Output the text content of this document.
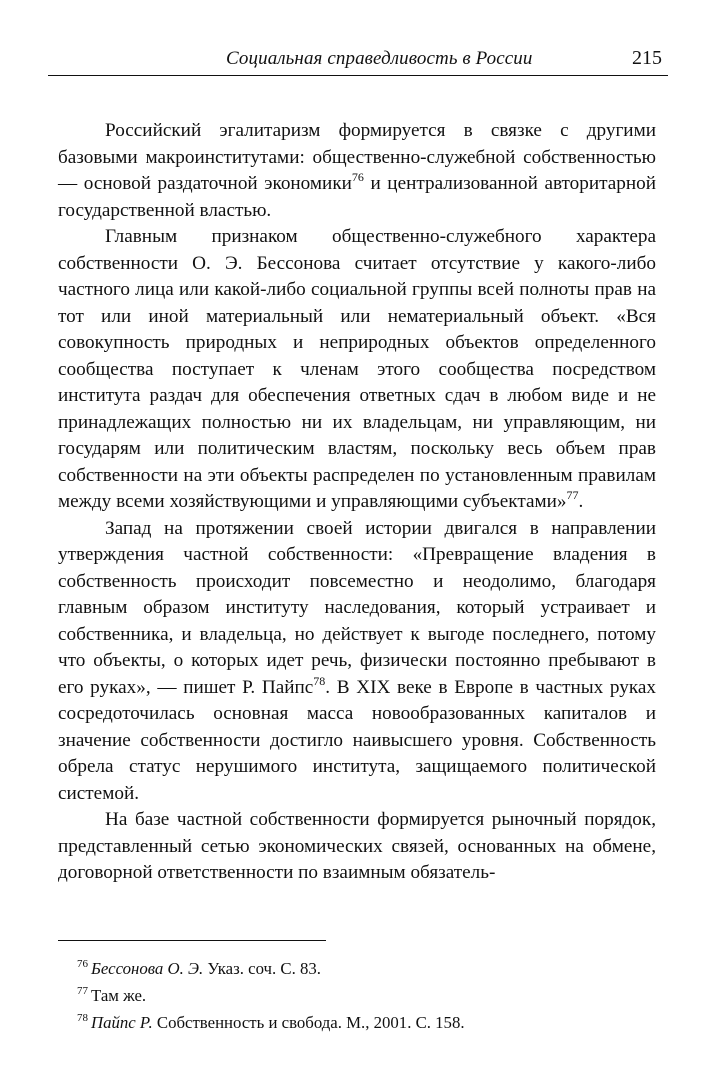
Социальная справедливость в России	215

Российский эгалитаризм формируется в связке с другими базовыми макроинститутами: общественно-служебной собственностью — основой раздаточной экономики$^{76}$ и централизованной авторитарной государственной властью.

Главным признаком общественно-служебного характера собственности О. Э. Бессонова считает отсутствие у какого-либо частного лица или какой-либо социальной группы всей полноты прав на тот или иной материальный или нематериальный объект. «Вся совокупность природных и неприродных объектов определенного сообщества поступает к членам этого сообщества посредством института раздач для обеспечения ответных сдач в любом виде и не принадлежащих полностью ни их владельцам, ни управляющим, ни государям или политическим властям, поскольку весь объем прав собственности на эти объекты распределен по установленным правилам между всеми хозяйствующими и управляющими субъектами»$^{77}$.

Запад на протяжении своей истории двигался в направлении утверждения частной собственности: «Превращение владения в собственность происходит повсеместно и неодолимо, благодаря главным образом институту наследования, который устраивает и собственника, и владельца, но действует к выгоде последнего, потому что объекты, о которых идет речь, физически постоянно пребывают в его руках», — пишет Р. Пайпс$^{78}$. В XIX веке в Европе в частных руках сосредоточилась основная масса новообразованных капиталов и значение собственности достигло наивысшего уровня. Собственность обрела статус нерушимого института, защищаемого политической системой.

На базе частной собственности формируется рыночный порядок, представленный сетью экономических связей, основанных на обмене, договорной ответственности по взаимным обязатель-

$^{76}$ Бессонова О. Э. Указ. соч. С. 83.

$^{77}$ Там же.

$^{78}$ Пайпс Р. Собственность и свобода. М., 2001. С. 158.
